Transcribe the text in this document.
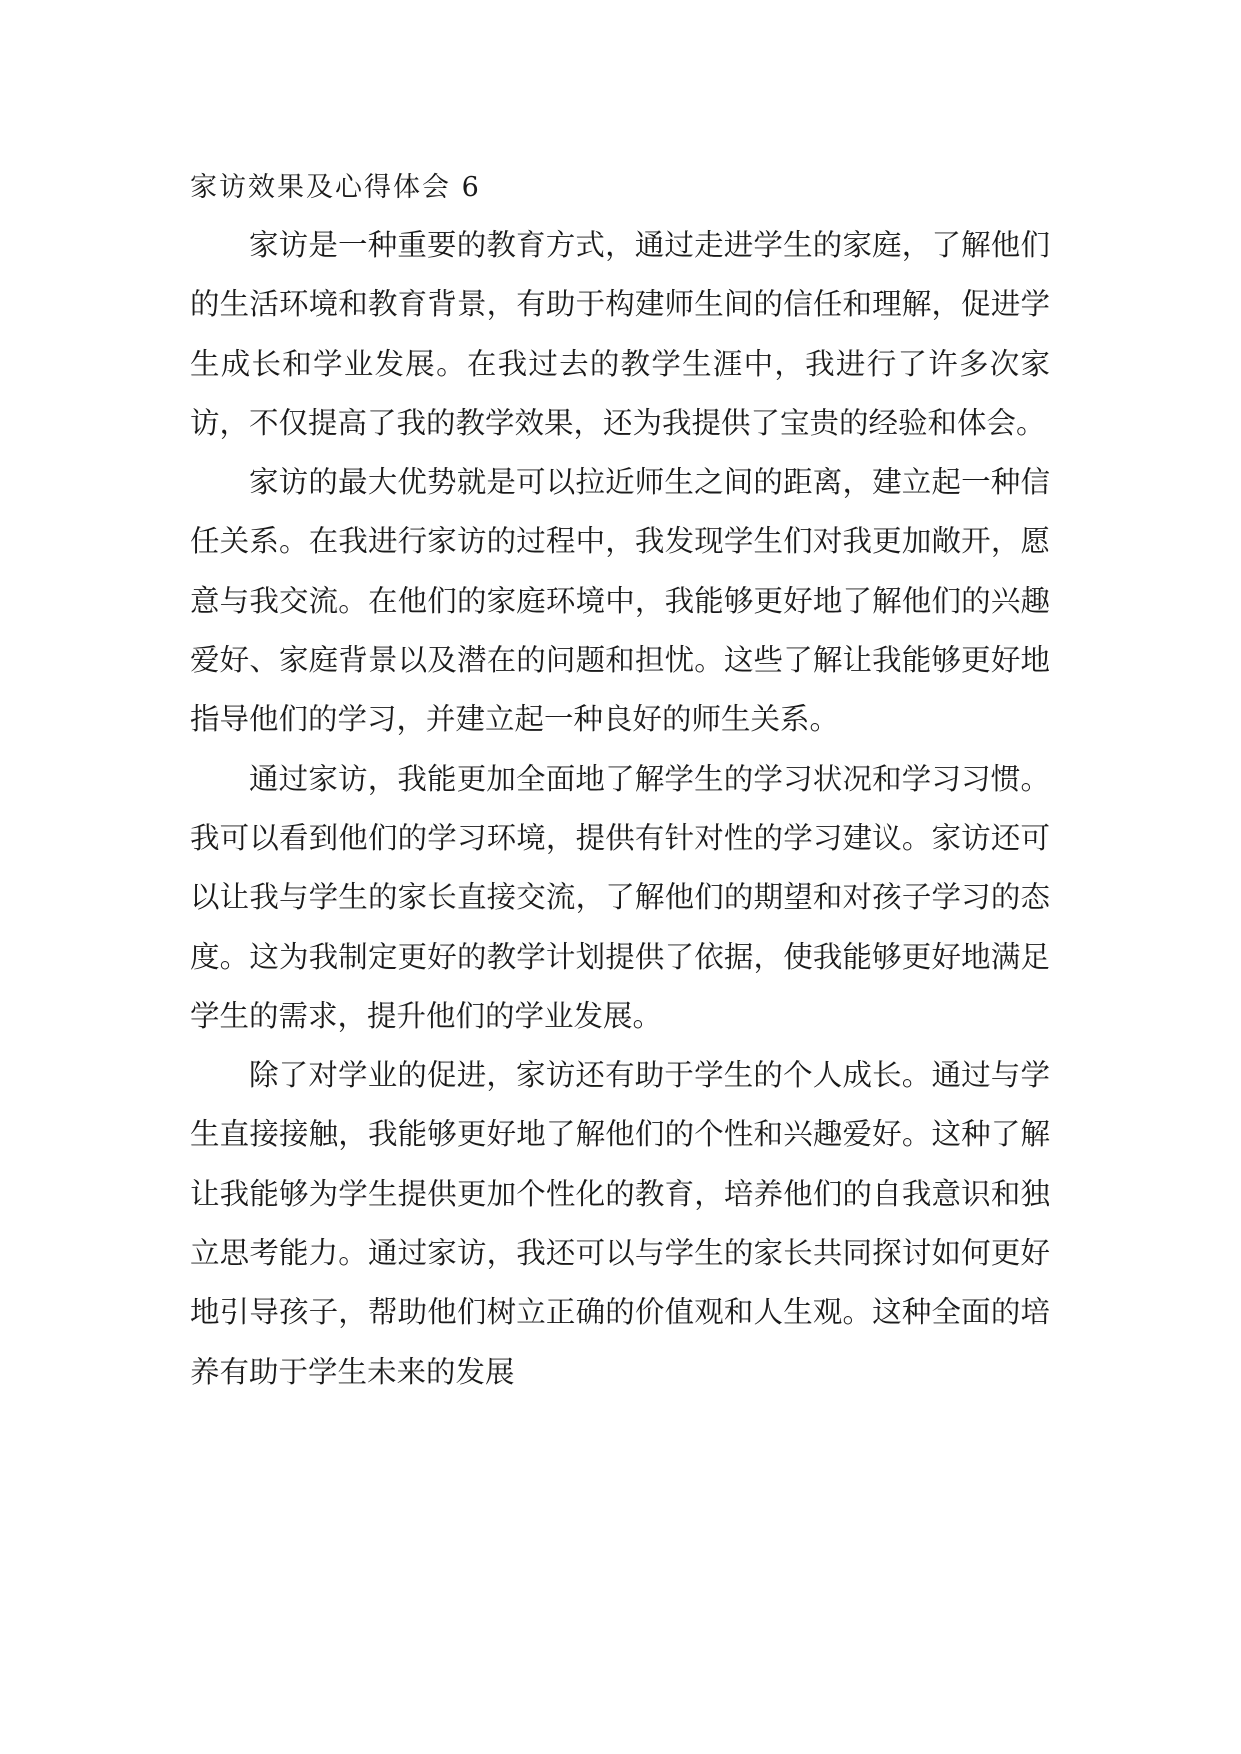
家访效果及心得体会 6

家访是一种重要的教育方式，通过走进学生的家庭，了解他们的生活环境和教育背景，有助于构建师生间的信任和理解，促进学生成长和学业发展。在我过去的教学生涯中，我进行了许多次家访，不仅提高了我的教学效果，还为我提供了宝贵的经验和体会。

家访的最大优势就是可以拉近师生之间的距离，建立起一种信任关系。在我进行家访的过程中，我发现学生们对我更加敞开，愿意与我交流。在他们的家庭环境中，我能够更好地了解他们的兴趣爱好、家庭背景以及潜在的问题和担忧。这些了解让我能够更好地指导他们的学习，并建立起一种良好的师生关系。

通过家访，我能更加全面地了解学生的学习状况和学习习惯。我可以看到他们的学习环境，提供有针对性的学习建议。家访还可以让我与学生的家长直接交流，了解他们的期望和对孩子学习的态度。这为我制定更好的教学计划提供了依据，使我能够更好地满足学生的需求，提升他们的学业发展。

除了对学业的促进，家访还有助于学生的个人成长。通过与学生直接接触，我能够更好地了解他们的个性和兴趣爱好。这种了解让我能够为学生提供更加个性化的教育，培养他们的自我意识和独立思考能力。通过家访，我还可以与学生的家长共同探讨如何更好地引导孩子，帮助他们树立正确的价值观和人生观。这种全面的培养有助于学生未来的发展
